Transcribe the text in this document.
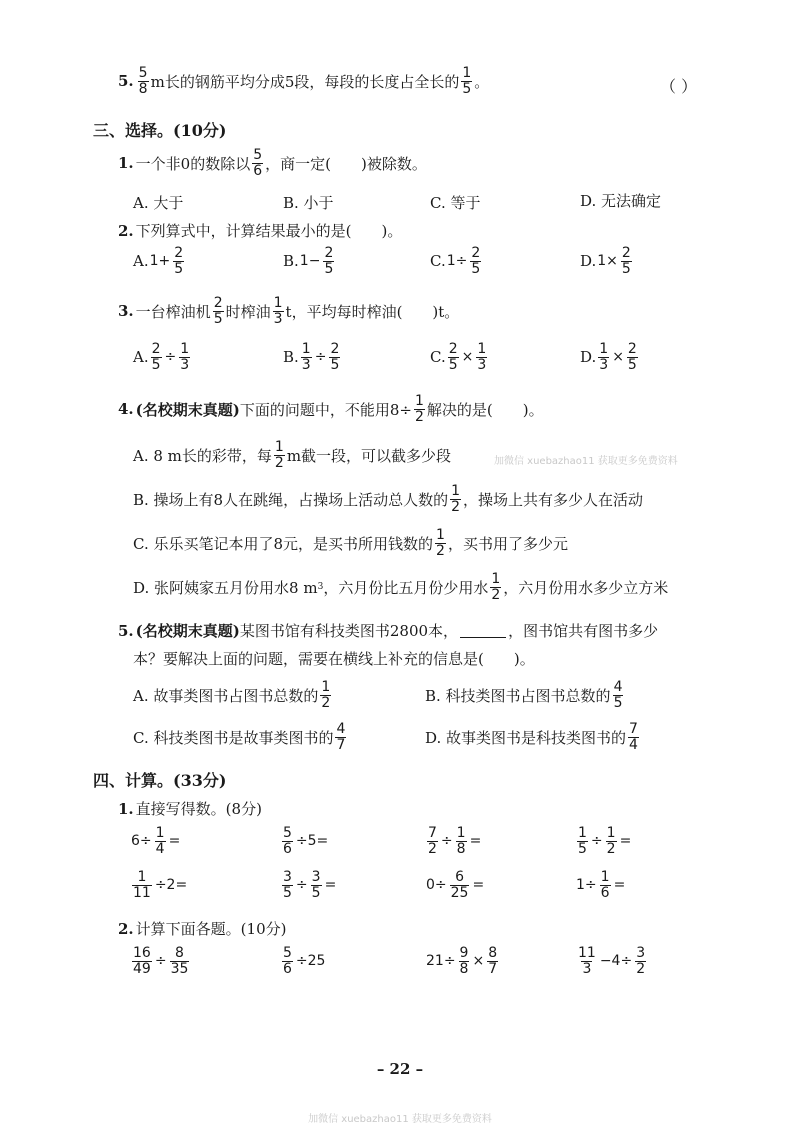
5. $\frac{5}{8}$ m长的钢筋平均分成5段，每段的长度占全长的 $\frac{1}{5}$ 。	（ ）
三、选择。(10分)
1. 一个非0的数除以 $\frac{5}{6}$ ，商一定(　　)被除数。
A. 大于	B. 小于	C. 等于	D. 无法确定
2. 下列算式中，计算结果最小的是(　　)。
A. $1+ \frac{2}{5}$	B. $1- \frac{2}{5}$	C. $1\div \frac{2}{5}$	D. $1\times \frac{2}{5}$
3. 一台榨油机 $\frac{2}{5}$ 时榨油 $\frac{1}{3}$ t，平均每时榨油(　　)t。
A. $\frac{2}{5} \div \frac{1}{3}$	B. $\frac{1}{3} \div \frac{2}{5}$	C. $\frac{2}{5} \times \frac{1}{3}$	D. $\frac{1}{3} \times \frac{2}{5}$
4. (名校期末真题) 下面的问题中，不能用$8\div \frac{1}{2}$ 解决的是(　　)。
A. 8 m长的彩带，每 $\frac{1}{2}$ m截一段，可以截多少段	加微信 xuebazhao11 获取更多免费资料
B. 操场上有8人在跳绳，占操场上活动总人数的 $\frac{1}{2}$ ，操场上共有多少人在活动
C. 乐乐买笔记本用了8元，是买书所用钱数的 $\frac{1}{2}$ ，买书用了多少元
D. 张阿姨家五月份用水8 m 3 ，六月份比五月份少用水 $\frac{1}{2}$ ，六月份用水多少立方米
5. (名校期末真题) 某图书馆有科技类图书2800本，	，图书馆共有图书多少
本？要解决上面的问题，需要在横线上补充的信息是(　　)。
A. 故事类图书占图书总数的 $\frac{1}{2}$	B. 科技类图书占图书总数的 $\frac{4}{5}$
C. 科技类图书是故事类图书的 $\frac{4}{7}$	D. 故事类图书是科技类图书的 $\frac{7}{4}$
四、计算。(33分)
1. 直接写得数。(8分)
$6\div \frac{1}{4}$ =	$\frac{5}{6} \div 5=$	$\frac{7}{2} \div \frac{1}{8}$ =	$\frac{1}{5} \div \frac{1}{2}$ =
$\frac{1}{11} \div 2=$	$\frac{3}{5} \div \frac{3}{5}$ =	$0\div \frac{6}{25}$ =	$1\div \frac{1}{6}$ =
2. 计算下面各题。(10分)
$\frac{16}{49} \div \frac{8}{35}$	$\frac{5}{6} \div 25$	$21\div \frac{9}{8} \times \frac{8}{7}$	$\frac{11}{3} -4\div \frac{3}{2}$
– 22 –
加微信 xuebazhao11 获取更多免费资料
